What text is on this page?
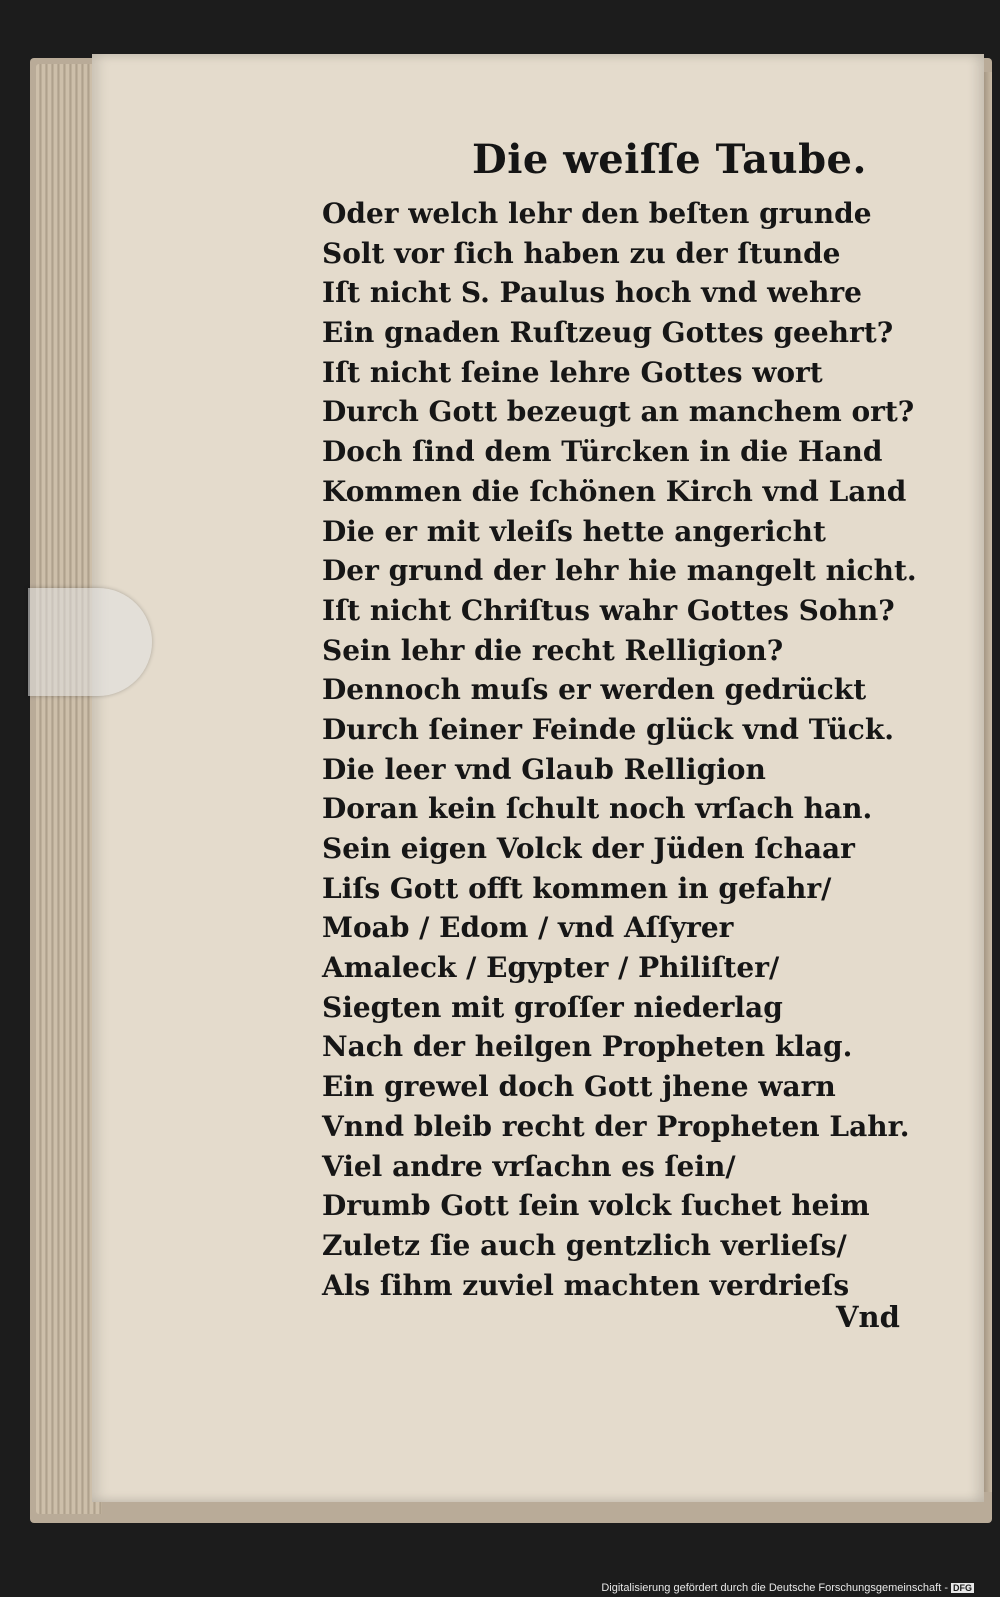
Die weiſſe Taube.
Oder welch lehr den beſten grunde
Solt vor ſich haben zu der ſtunde
Iſt nicht S. Paulus hoch vnd wehre
Ein gnaden Ruſtzeug Gottes geehrt?
Iſt nicht ſeine lehre Gottes wort
Durch Gott bezeugt an manchem ort?
Doch ſind dem Türcken in die Hand
Kommen die ſchönen Kirch vnd Land
Die er mit vleiſs hette angericht
Der grund der lehr hie mangelt nicht.
Iſt nicht Chriſtus wahr Gottes Sohn?
Sein lehr die recht Relligion?
Dennoch muſs er werden gedrückt
Durch ſeiner Feinde glück vnd Tück.
Die leer vnd Glaub Relligion
Doran kein ſchult noch vrſach han.
Sein eigen Volck der Jüden ſchaar
Liſs Gott offt kommen in gefahr/
Moab / Edom / vnd Aſſyrer
Amaleck / Egypter / Philiſter/
Siegten mit groſſer niederlag
Nach der heilgen Propheten klag.
Ein grewel doch Gott jhene warn
Vnnd bleib recht der Propheten Lahr.
Viel andre vrſachn es ſein/
Drumb Gott ſein volck ſuchet heim
Zuletz ſie auch gentzlich verlieſs/
Als ſihm zuviel machten verdrieſs
Vnd
Digitalisierung gefördert durch die Deutsche Forschungsgemeinschaft - DFG
